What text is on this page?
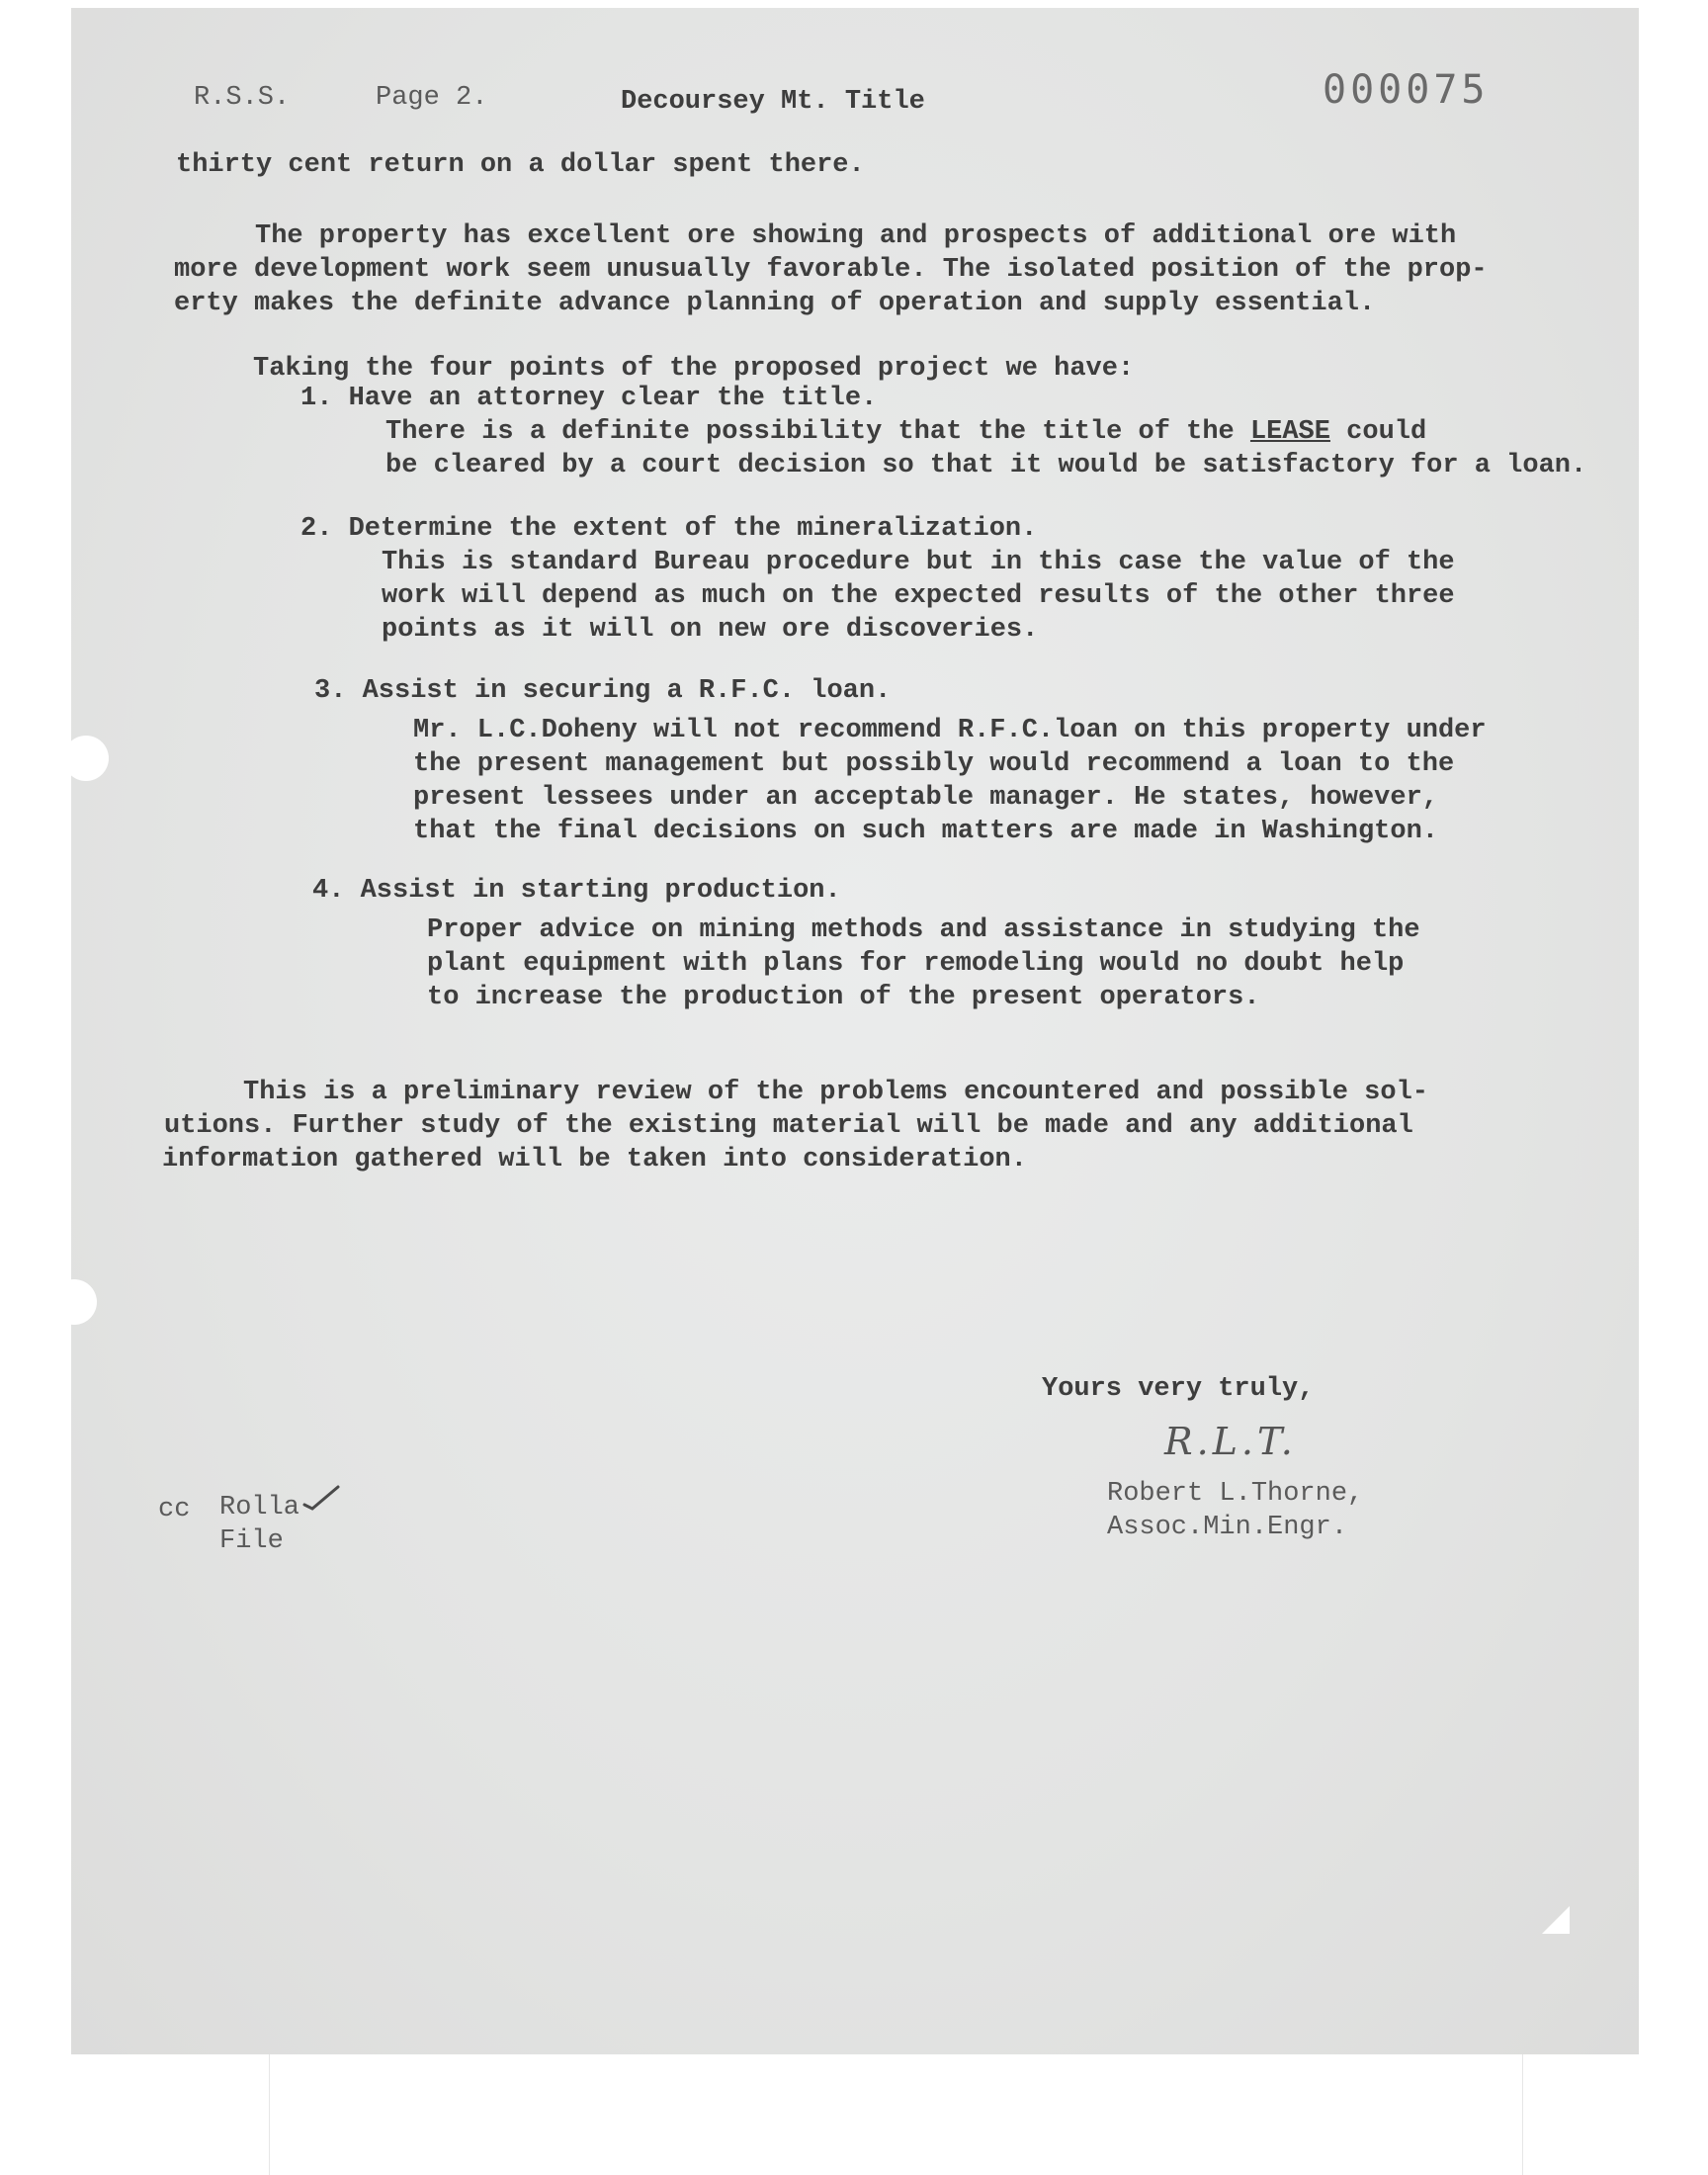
R.S.S.	Page 2.	Decoursey Mt. Title	000075
thirty cent return on a dollar spent there.
The property has excellent ore showing and prospects of additional ore with
more development work seem unusually favorable. The isolated position of the prop-
erty makes the definite advance planning of operation and supply essential.
Taking the four points of the proposed project we have:
1. Have an attorney clear the title.
There is a definite possibility that the title of the LEASE could
be cleared by a court decision so that it would be satisfactory for a loan.
2. Determine the extent of the mineralization.
This is standard Bureau procedure but in this case the value of the
work will depend as much on the expected results of the other three
points as it will on new ore discoveries.
3. Assist in securing a R.F.C. loan.
Mr. L.C.Doheny will not recommend R.F.C.loan on this property under
the present management but possibly would recommend a loan to the
present lessees under an acceptable manager. He states, however,
that the final decisions on such matters are made in Washington.
4. Assist in starting production.
Proper advice on mining methods and assistance in studying the
plant equipment with plans for remodeling would no doubt help
to increase the production of the present operators.
This is a preliminary review of the problems encountered and possible sol-
utions. Further study of the existing material will be made and any additional
information gathered will be taken into consideration.
Yours very truly,
R.L.T.
Robert L.Thorne,
Assoc.Min.Engr.
cc Rolla
File
